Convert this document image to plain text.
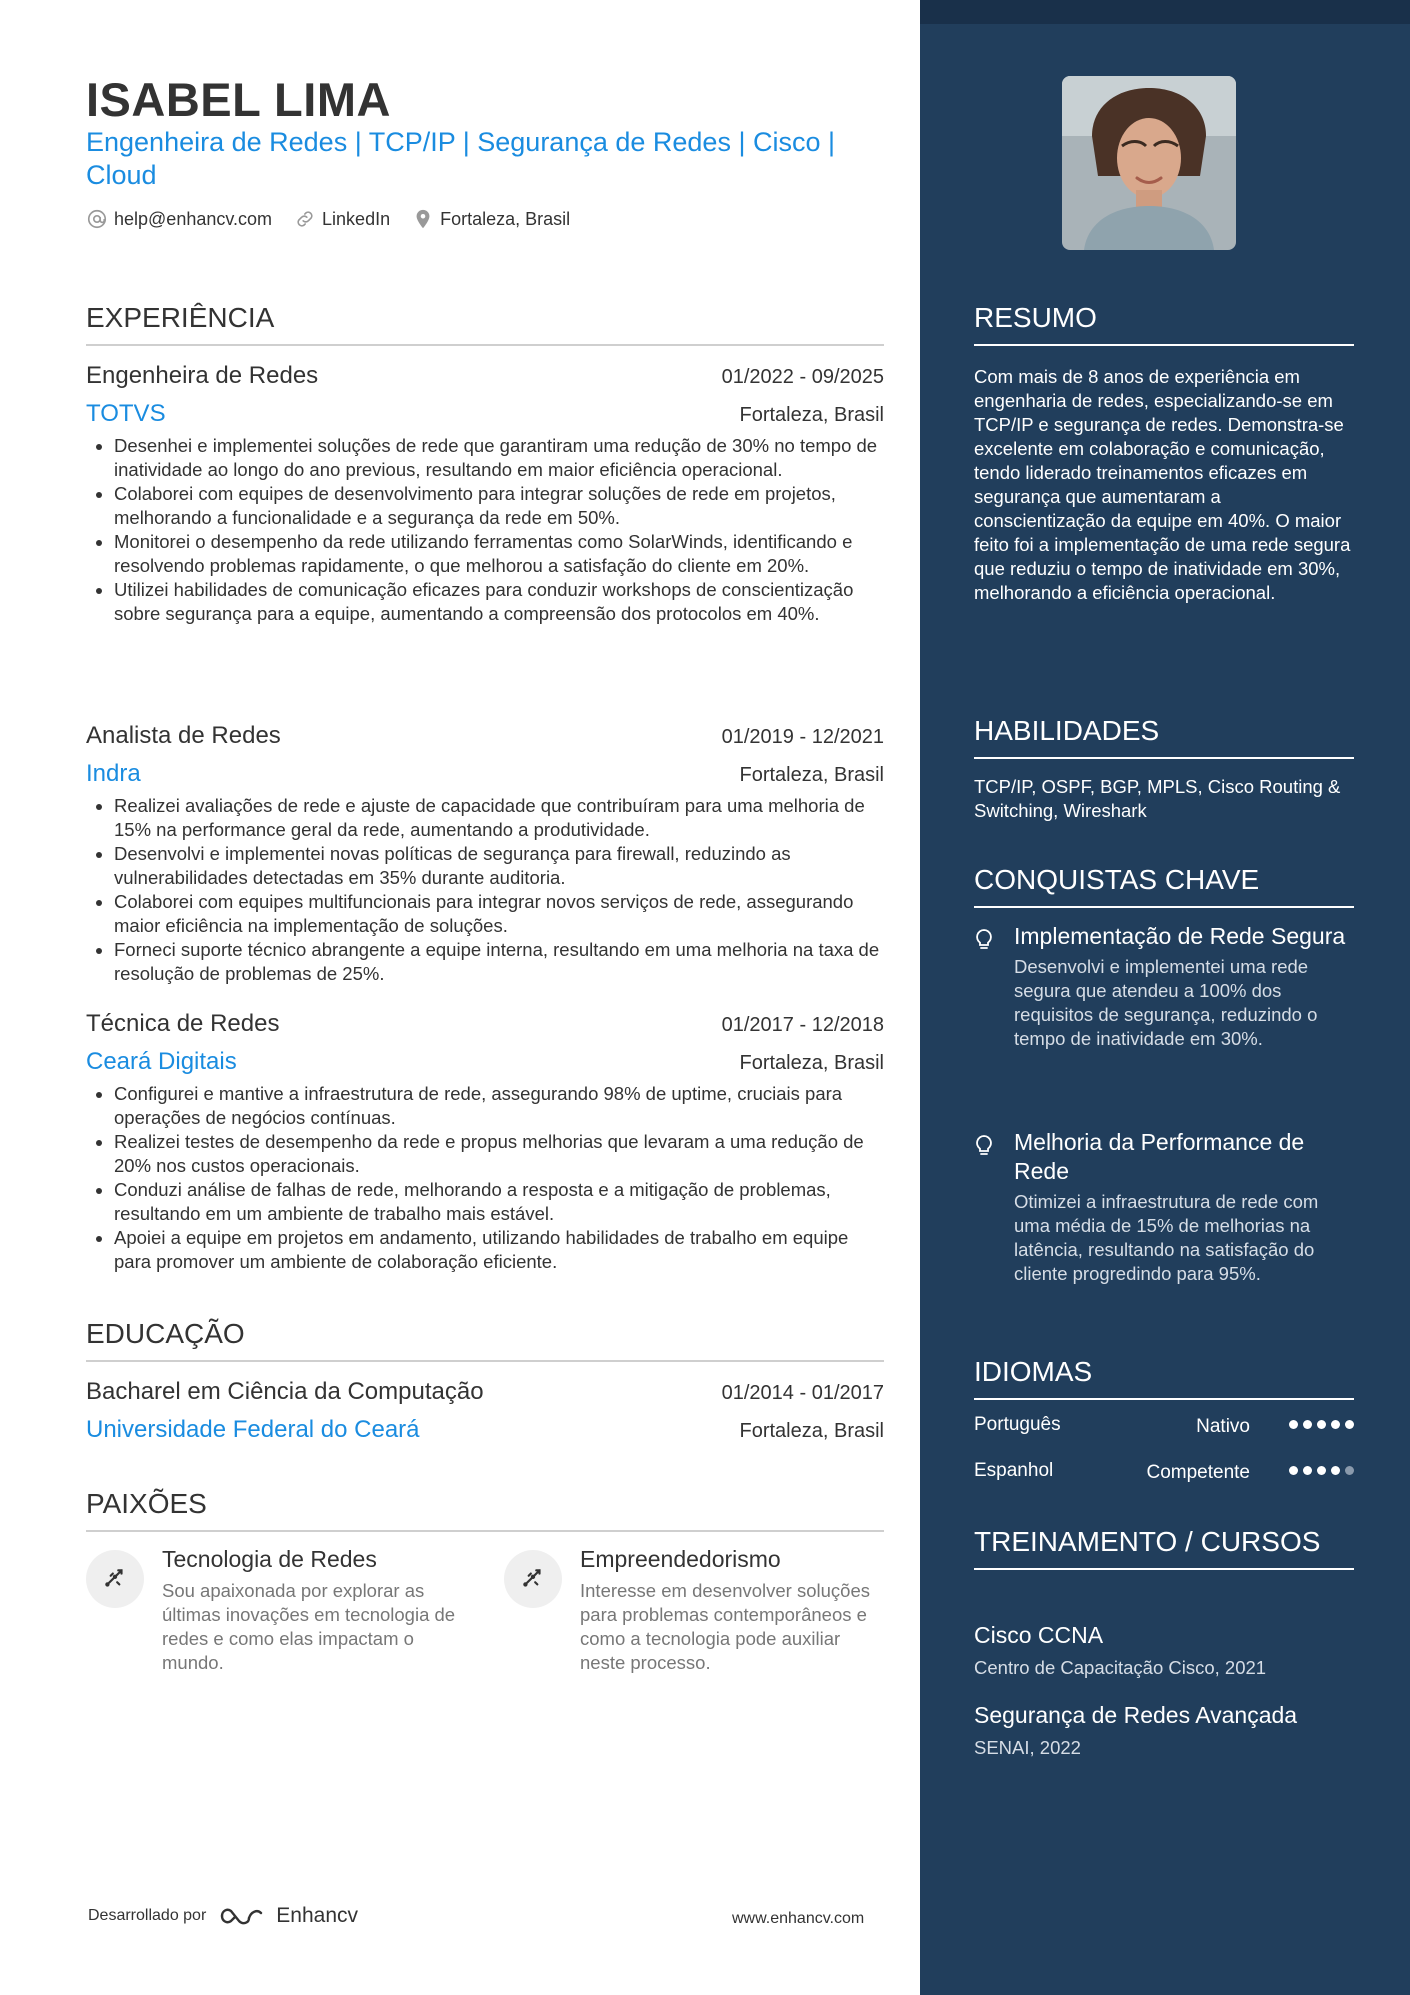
ISABEL LIMA
Engenheira de Redes | TCP/IP | Segurança de Redes | Cisco | Cloud
help@enhancv.com	LinkedIn	Fortaleza, Brasil
EXPERIÊNCIA
Engenheira de Redes	01/2022 - 09/2025
TOTVS	Fortaleza, Brasil
Desenhei e implementei soluções de rede que garantiram uma redução de 30% no tempo de inatividade ao longo do ano previous, resultando em maior eficiência operacional.
Colaborei com equipes de desenvolvimento para integrar soluções de rede em projetos, melhorando a funcionalidade e a segurança da rede em 50%.
Monitorei o desempenho da rede utilizando ferramentas como SolarWinds, identificando e resolvendo problemas rapidamente, o que melhorou a satisfação do cliente em 20%.
Utilizei habilidades de comunicação eficazes para conduzir workshops de conscientização sobre segurança para a equipe, aumentando a compreensão dos protocolos em 40%.
Analista de Redes	01/2019 - 12/2021
Indra	Fortaleza, Brasil
Realizei avaliações de rede e ajuste de capacidade que contribuíram para uma melhoria de 15% na performance geral da rede, aumentando a produtividade.
Desenvolvi e implementei novas políticas de segurança para firewall, reduzindo as vulnerabilidades detectadas em 35% durante auditoria.
Colaborei com equipes multifuncionais para integrar novos serviços de rede, assegurando maior eficiência na implementação de soluções.
Forneci suporte técnico abrangente a equipe interna, resultando em uma melhoria na taxa de resolução de problemas de 25%.
Técnica de Redes	01/2017 - 12/2018
Ceará Digitais	Fortaleza, Brasil
Configurei e mantive a infraestrutura de rede, assegurando 98% de uptime, cruciais para operações de negócios contínuas.
Realizei testes de desempenho da rede e propus melhorias que levaram a uma redução de 20% nos custos operacionais.
Conduzi análise de falhas de rede, melhorando a resposta e a mitigação de problemas, resultando em um ambiente de trabalho mais estável.
Apoiei a equipe em projetos em andamento, utilizando habilidades de trabalho em equipe para promover um ambiente de colaboração eficiente.
EDUCAÇÃO
Bacharel em Ciência da Computação	01/2014 - 01/2017
Universidade Federal do Ceará	Fortaleza, Brasil
PAIXÕES
Tecnologia de Redes
Sou apaixonada por explorar as últimas inovações em tecnologia de redes e como elas impactam o mundo.
Empreendedorismo
Interesse em desenvolver soluções para problemas contemporâneos e como a tecnologia pode auxiliar neste processo.
Desarrollado por	Enhancv	www.enhancv.com
RESUMO
Com mais de 8 anos de experiência em engenharia de redes, especializando-se em TCP/IP e segurança de redes. Demonstra-se excelente em colaboração e comunicação, tendo liderado treinamentos eficazes em segurança que aumentaram a conscientização da equipe em 40%. O maior feito foi a implementação de uma rede segura que reduziu o tempo de inatividade em 30%, melhorando a eficiência operacional.
HABILIDADES
TCP/IP, OSPF, BGP, MPLS, Cisco Routing & Switching, Wireshark
CONQUISTAS CHAVE
Implementação de Rede Segura
Desenvolvi e implementei uma rede segura que atendeu a 100% dos requisitos de segurança, reduzindo o tempo de inatividade em 30%.
Melhoria da Performance de Rede
Otimizei a infraestrutura de rede com uma média de 15% de melhorias na latência, resultando na satisfação do cliente progredindo para 95%.
IDIOMAS
Português	Nativo
Espanhol	Competente
TREINAMENTO / CURSOS
Cisco CCNA
Centro de Capacitação Cisco, 2021
Segurança de Redes Avançada
SENAI, 2022
